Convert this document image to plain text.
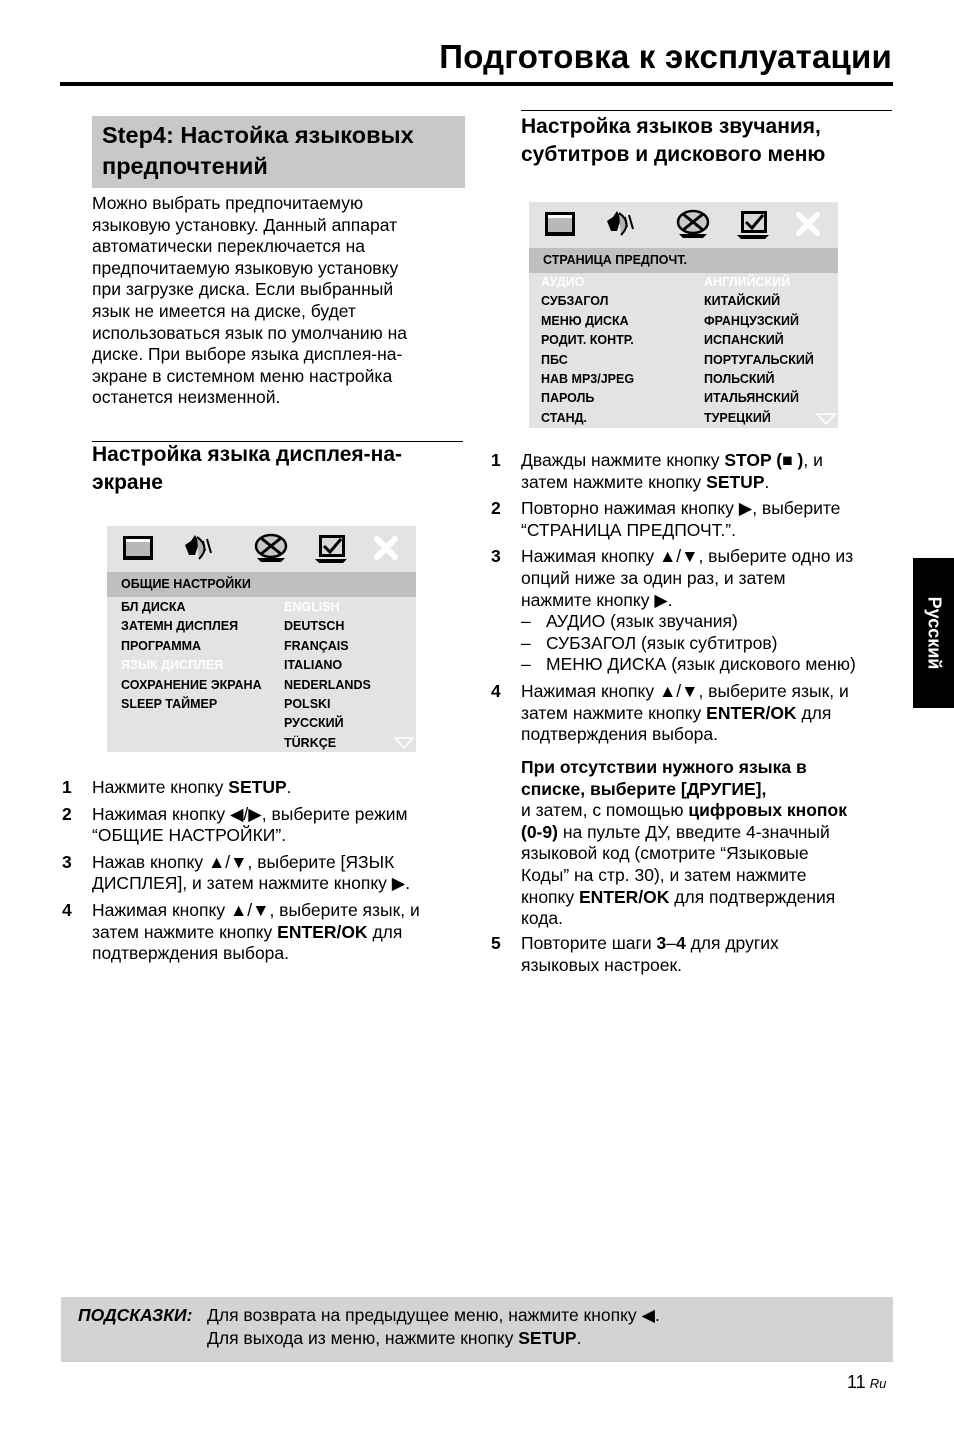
Подготовка к эксплуатации
Step4: Настойка языковых
предпочтений
Можно выбрать предпочитаемую
языковую установку. Данный аппарат
автоматически переключается на
предпочитаемую языковую установку
при загрузке диска. Если выбранный
язык не имеется на диске, будет
использоваться язык по умолчанию на
диске. При выборе языка дисплея-на-
экране в системном меню настройка
останется неизменной.
Настройка языка дисплея-на-
экране
ОБЩИЕ НАСТРОЙКИ
БЛ ДИСКА
ЗАТЕМН ДИСПЛЕЯ
ПРОГРАММА
ЯЗЫК ДИСПЛЕЯ
СОХРАНЕНИЕ ЭКРАНА
SLEEP ТАЙМЕР
ENGLISH
DEUTSCH
FRANÇAIS
ITALIANO
NEDERLANDS
POLSKI
РУССКИЙ
TÜRKÇE
1 Нажмите кнопку SETUP.
2 Нажимая кнопку ◀/▶, выберите режим
“ОБЩИЕ НАСТРОЙКИ”.
3 Нажав кнопку ▲/▼, выберите [ЯЗЫК
ДИСПЛЕЯ], и затем нажмите кнопку ▶.
4 Нажимая кнопку ▲/▼, выберите язык, и
затем нажмите кнопку ENTER/OK для
подтверждения выбора.
Настройка языков звучания,
субтитров и дискового меню
СТРАНИЦА ПРЕДПОЧТ.
АУДИО
СУБЗАГОЛ
МЕНЮ ДИСКА
РОДИТ. КОНТР.
ПБС
НАВ MP3/JPEG
ПАРОЛЬ
СТАНД.
АНГЛИЙСКИЙ
КИТАЙСКИЙ
ФРАНЦУЗСКИЙ
ИСПАНСКИЙ
ПОРТУГАЛЬСКИЙ
ПОЛЬСКИЙ
ИТАЛЬЯНСКИЙ
ТУРЕЦКИЙ
1 Дважды нажмите кнопку STOP (■ ), и
затем нажмите кнопку SETUP.
2 Повторно нажимая кнопку ▶, выберите
“СТРАНИЦА ПРЕДПОЧТ.”.
3 Нажимая кнопку ▲/▼, выберите одно из
опций ниже за один раз, и затем
нажмите кнопку ▶.
– АУДИО (язык звучания)
– СУБЗАГОЛ (язык субтитров)
– МЕНЮ ДИСКА (язык дискового меню)
4 Нажимая кнопку ▲/▼, выберите язык, и
затем нажмите кнопку ENTER/OK для
подтверждения выбора.
При отсутствии нужного языка в
списке, выберите [ДРУГИЕ],
и затем, с помощью цифровых кнопок
(0-9) на пульте ДУ, введите 4-значный
языковой код (смотрите “Языковые
Коды” на стр. 30), и затем нажмите
кнопку ENTER/OK для подтверждения
кода.
5 Повторите шаги 3–4 для других
языковых настроек.
Русский
ПОДСКАЗКИ: Для возврата на предыдущее меню, нажмите кнопку ◀.
Для выхода из меню, нажмите кнопку SETUP.
11 Ru
